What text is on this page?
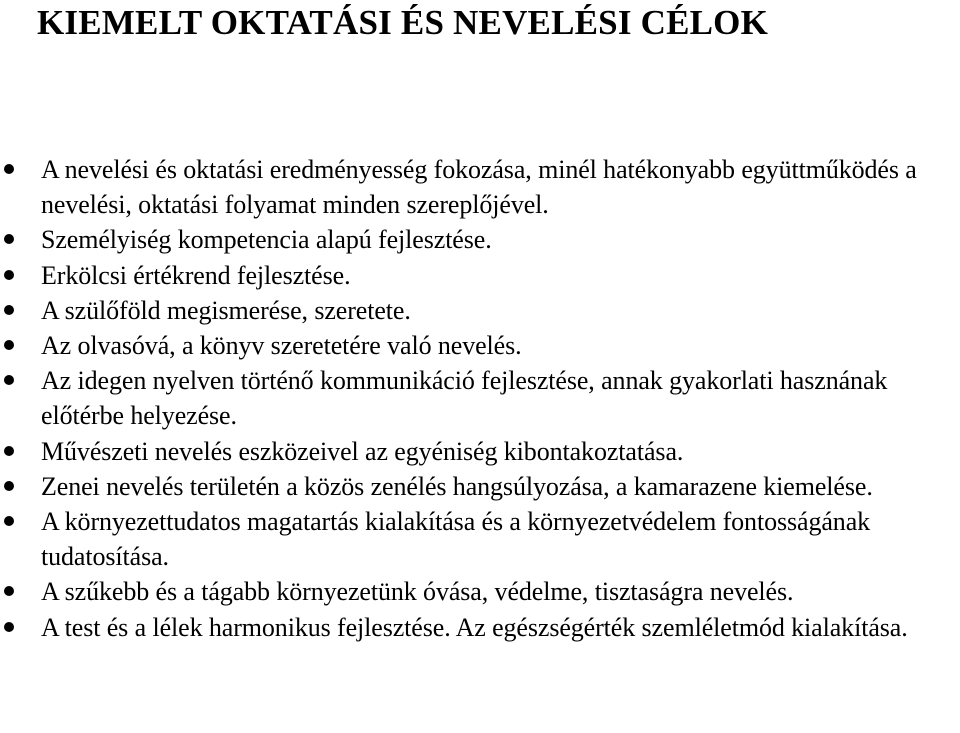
KIEMELT OKTATÁSI ÉS NEVELÉSI CÉLOK
A nevelési és oktatási eredményesség fokozása, minél hatékonyabb együttműködés a nevelési, oktatási folyamat minden szereplőjével.
Személyiség kompetencia alapú fejlesztése.
Erkölcsi értékrend fejlesztése.
A szülőföld megismerése, szeretete.
Az olvasóvá, a könyv szeretetére való nevelés.
Az idegen nyelven történő kommunikáció fejlesztése, annak gyakorlati hasznának előtérbe helyezése.
Művészeti nevelés eszközeivel az egyéniség kibontakoztatása.
Zenei nevelés területén a közös zenélés hangsúlyozása, a kamarazene kiemelése.
A környezettudatos magatartás kialakítása és a környezetvédelem fontosságának tudatosítása.
A szűkebb és a tágabb környezetünk óvása, védelme, tisztaságra nevelés.
A test és a lélek harmonikus fejlesztése. Az egészségérték szemléletmód kialakítása.
